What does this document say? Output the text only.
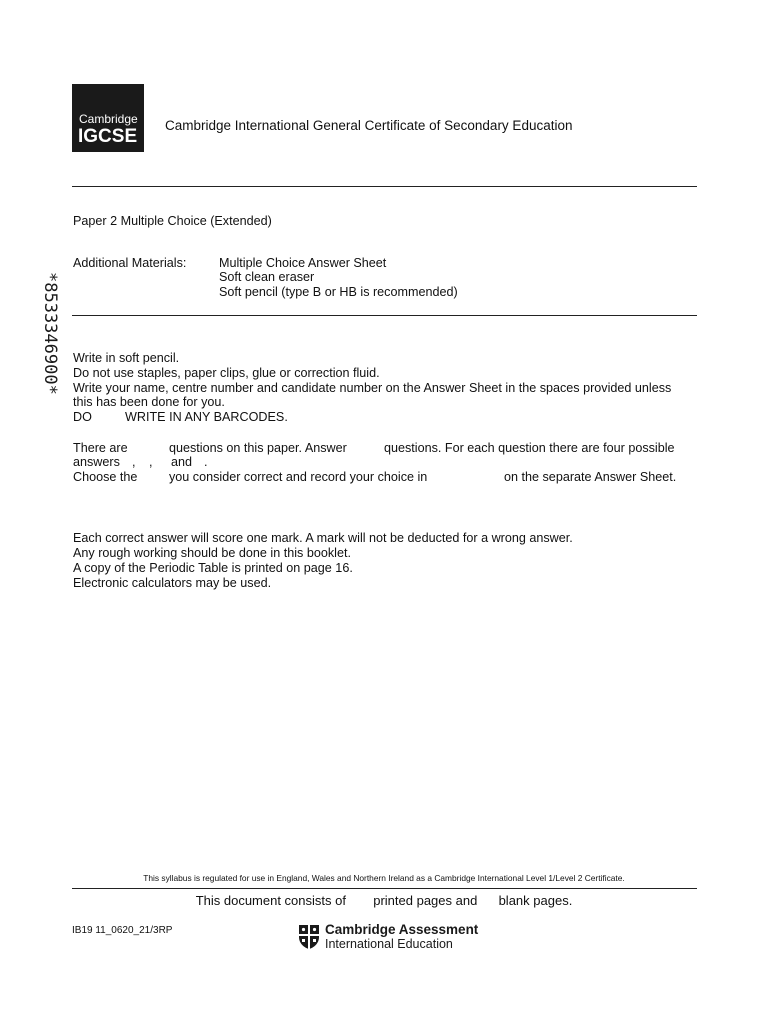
Cambridge
IGCSE
Cambridge International General Certificate of Secondary Education
*8533346900*
Paper 2 Multiple Choice (Extended)
Additional Materials:	Multiple Choice Answer Sheet
Soft clean eraser
Soft pencil (type B or HB is recommended)
Write in soft pencil.
Do not use staples, paper clips, glue or correction fluid.
Write your name, centre number and candidate number on the Answer Sheet in the spaces provided unless
this has been done for you.
DO	WRITE IN ANY BARCODES.
There are	questions on this paper. Answer	questions. For each question there are four possible
answers , , and .
Choose the	you consider correct and record your choice in	on the separate Answer Sheet.
Each correct answer will score one mark. A mark will not be deducted for a wrong answer.
Any rough working should be done in this booklet.
A copy of the Periodic Table is printed on page 16.
Electronic calculators may be used.
This syllabus is regulated for use in England, Wales and Northern Ireland as a Cambridge International Level 1/Level 2 Certificate.
This document consists of printed pages and blank pages.
IB19 11_0620_21/3RP	Cambridge Assessment
International Education
